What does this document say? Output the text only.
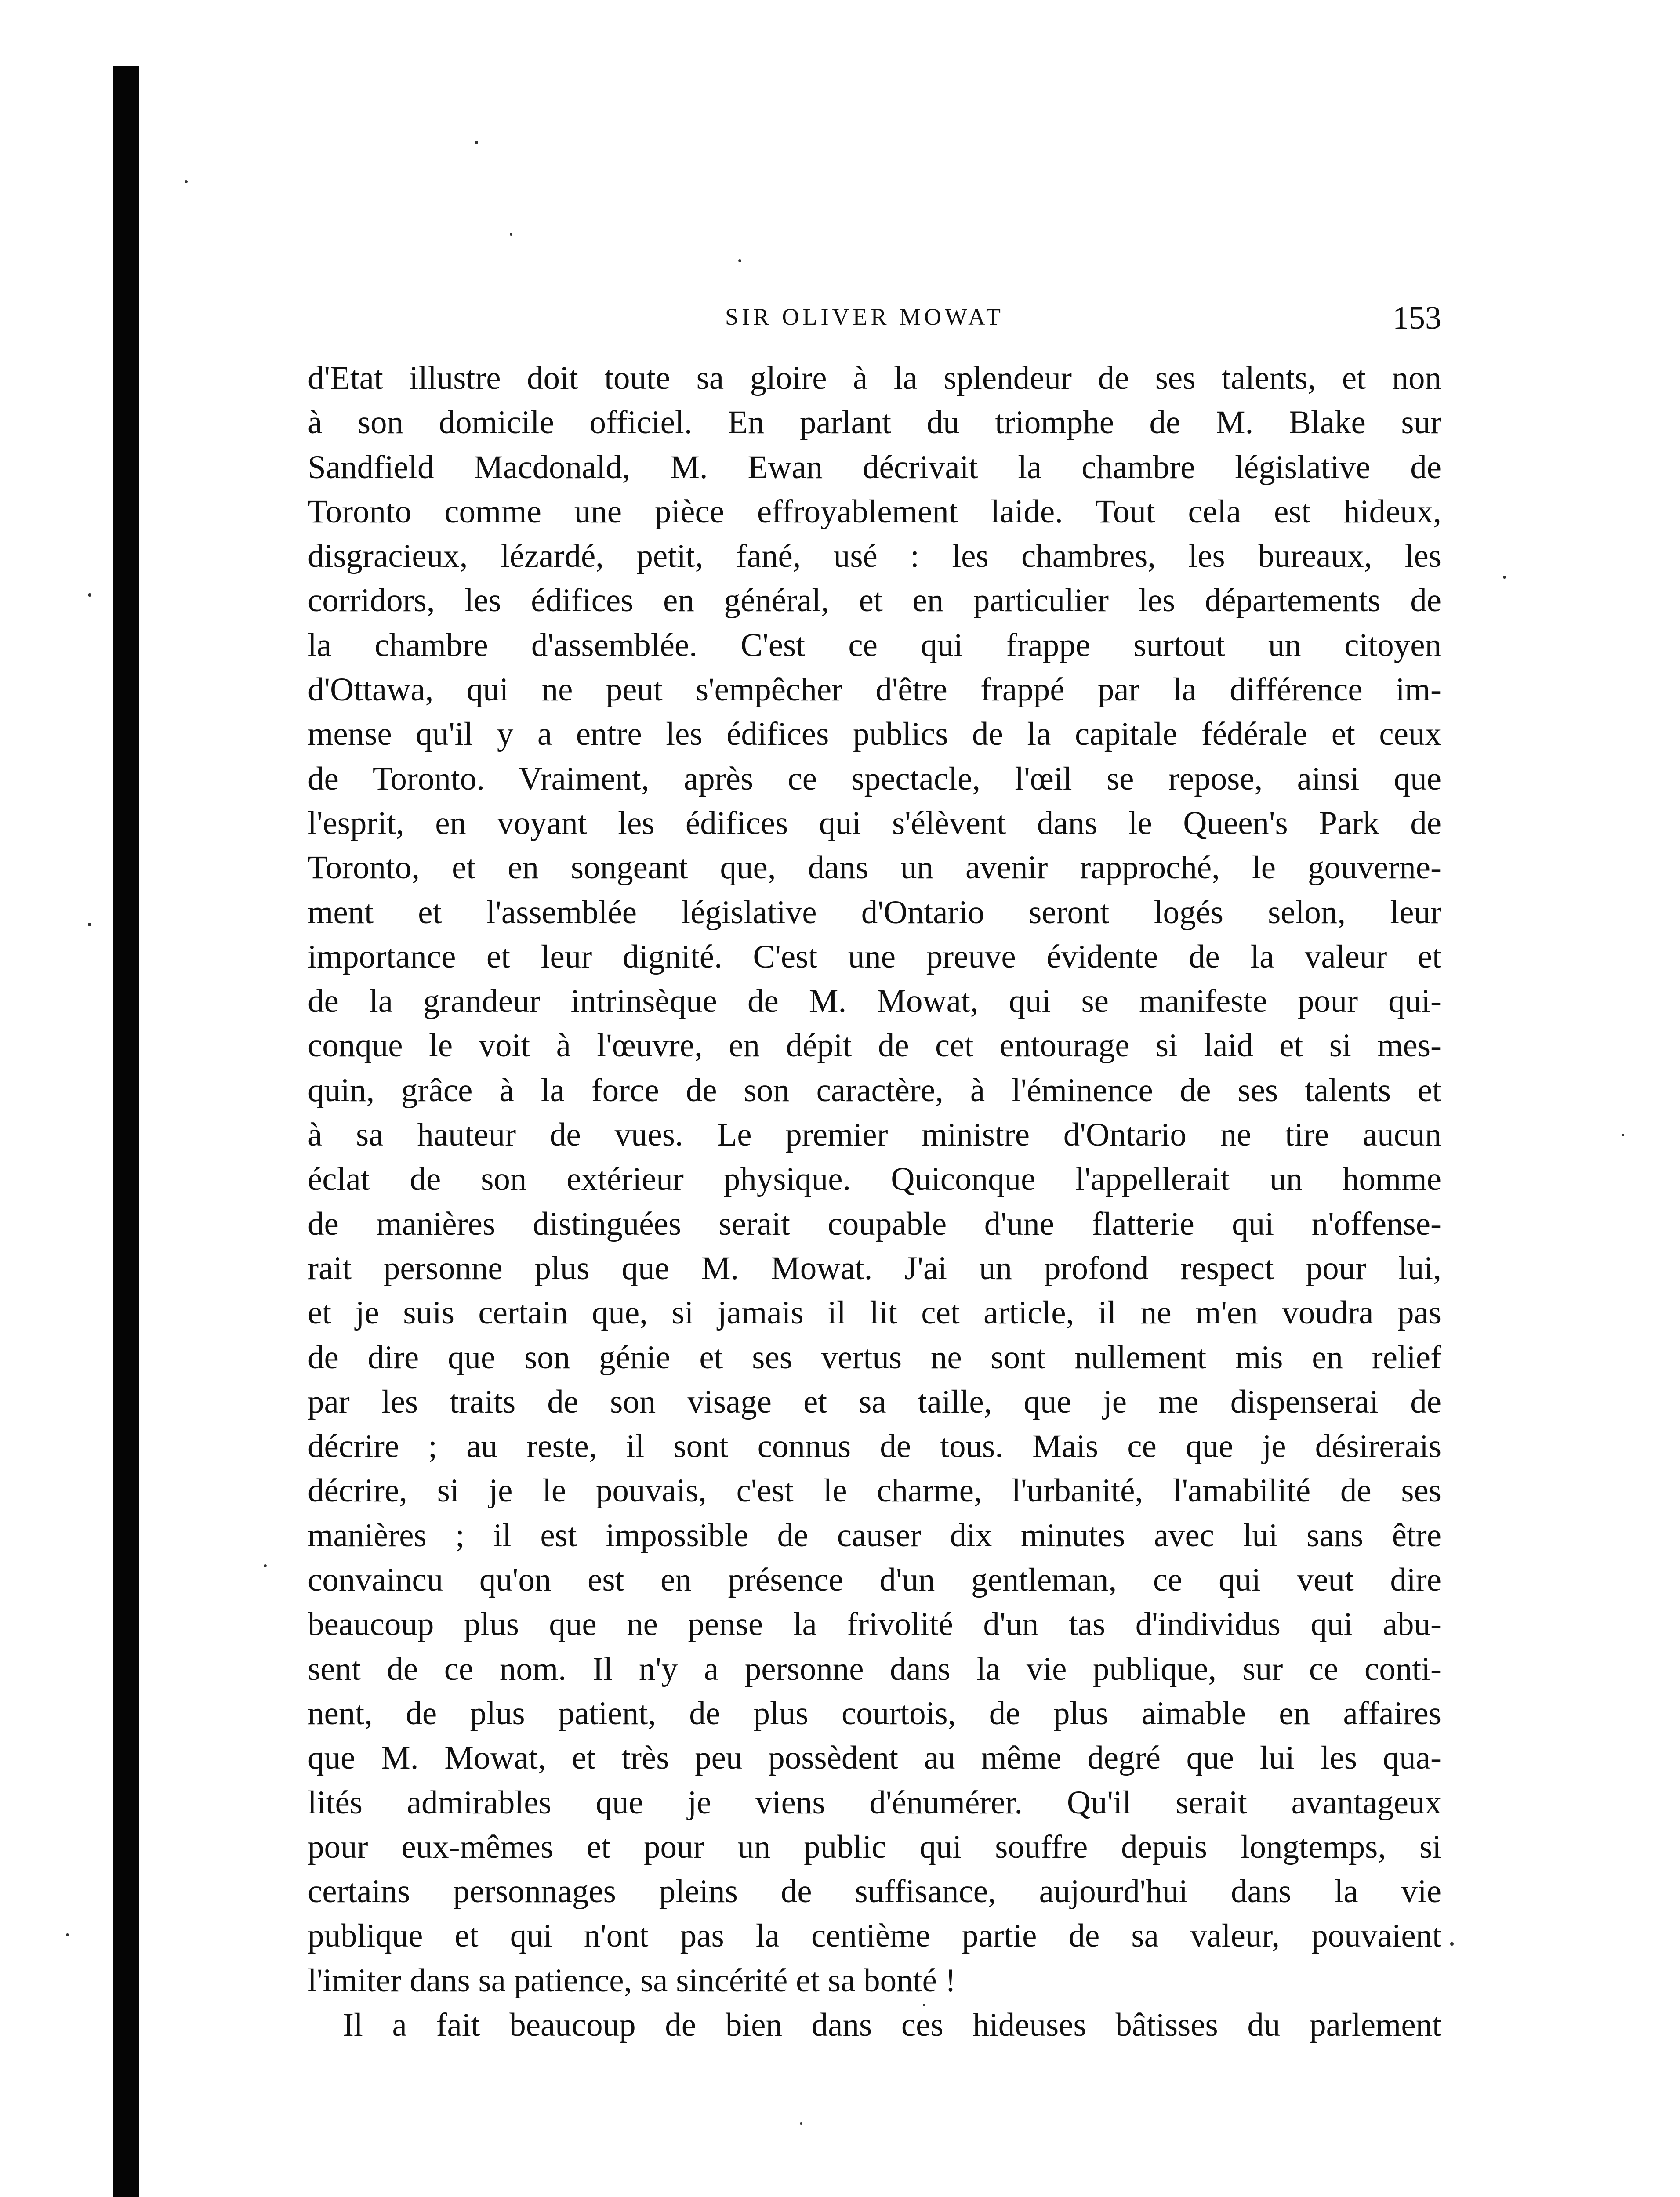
SIR OLIVER MOWAT	153
d'Etat illustre doit toute sa gloire à la splendeur de ses talents, et non
à son domicile officiel. En parlant du triomphe de M. Blake sur
Sandfield Macdonald, M. Ewan décrivait la chambre législative de
Toronto comme une pièce effroyablement laide. Tout cela est hideux,
disgracieux, lézardé, petit, fané, usé : les chambres, les bureaux, les
corridors, les édifices en général, et en particulier les départements de
la chambre d'assemblée. C'est ce qui frappe surtout un citoyen
d'Ottawa, qui ne peut s'empêcher d'être frappé par la différence im-
mense qu'il y a entre les édifices publics de la capitale fédérale et ceux
de Toronto. Vraiment, après ce spectacle, l'œil se repose, ainsi que
l'esprit, en voyant les édifices qui s'élèvent dans le Queen's Park de
Toronto, et en songeant que, dans un avenir rapproché, le gouverne-
ment et l'assemblée législative d'Ontario seront logés selon, leur
importance et leur dignité. C'est une preuve évidente de la valeur et
de la grandeur intrinsèque de M. Mowat, qui se manifeste pour qui-
conque le voit à l'œuvre, en dépit de cet entourage si laid et si mes-
quin, grâce à la force de son caractère, à l'éminence de ses talents et
à sa hauteur de vues. Le premier ministre d'Ontario ne tire aucun
éclat de son extérieur physique. Quiconque l'appellerait un homme
de manières distinguées serait coupable d'une flatterie qui n'offense-
rait personne plus que M. Mowat. J'ai un profond respect pour lui,
et je suis certain que, si jamais il lit cet article, il ne m'en voudra pas
de dire que son génie et ses vertus ne sont nullement mis en relief
par les traits de son visage et sa taille, que je me dispenserai de
décrire ; au reste, il sont connus de tous. Mais ce que je désirerais
décrire, si je le pouvais, c'est le charme, l'urbanité, l'amabilité de ses
manières ; il est impossible de causer dix minutes avec lui sans être
convaincu qu'on est en présence d'un gentleman, ce qui veut dire
beaucoup plus que ne pense la frivolité d'un tas d'individus qui abu-
sent de ce nom. Il n'y a personne dans la vie publique, sur ce conti-
nent, de plus patient, de plus courtois, de plus aimable en affaires
que M. Mowat, et très peu possèdent au même degré que lui les qua-
lités admirables que je viens d'énumérer. Qu'il serait avantageux
pour eux-mêmes et pour un public qui souffre depuis longtemps, si
certains personnages pleins de suffisance, aujourd'hui dans la vie
publique et qui n'ont pas la centième partie de sa valeur, pouvaient
l'imiter dans sa patience, sa sincérité et sa bonté !
Il a fait beaucoup de bien dans ces hideuses bâtisses du parlement
